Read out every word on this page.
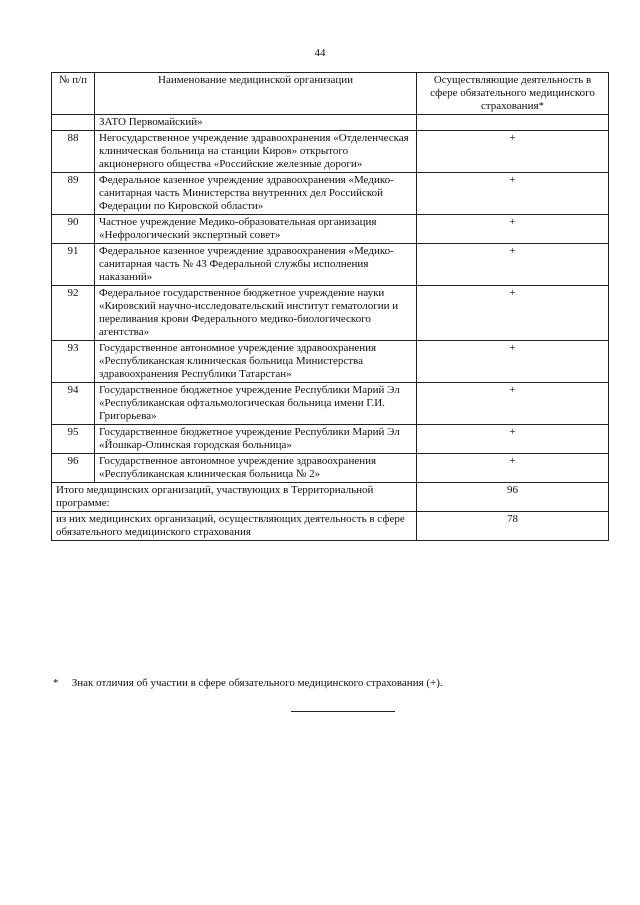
44
№ п/п	Наименование медицинской организации	Осуществляющие деятельность в сфере обязательного медицинского страхования*
	ЗАТО Первомайский»	
88	Негосударственное учреждение здравоохранения «Отделенческая клиническая больница на станции Киров» открытого акционерного общества «Российские железные дороги»	+
89	Федеральное казенное учреждение здравоохранения «Медико-санитарная часть Министерства внутренних дел Российской Федерации по Кировской области»	+
90	Частное учреждение Медико-образовательная организация «Нефрологический экспертный совет»	+
91	Федеральное казенное учреждение здравоохранения «Медико-санитарная часть № 43 Федеральной службы исполнения наказаний»	+
92	Федеральное государственное бюджетное учреждение науки «Кировский научно-исследовательский институт гематологии и переливания крови Федерального медико-биологического агентства»	+
93	Государственное автономное учреждение здравоохранения «Республиканская клиническая больница Министерства здравоохранения Республики Татарстан»	+
94	Государственное бюджетное учреждение Республики Марий Эл «Республиканская офтальмологическая больница имени Г.И. Григорьева»	+
95	Государственное бюджетное учреждение Республики Марий Эл «Йошкар-Олинская городская больница»	+
96	Государственное автономное учреждение здравоохранения «Республиканская клиническая больница № 2»	+
Итого медицинских организаций, участвующих в Территориальной программе:		96
из них медицинских организаций, осуществляющих деятельность в сфере обязательного медицинского страхования		78
* Знак отличия об участии в сфере обязательного медицинского страхования (+).
